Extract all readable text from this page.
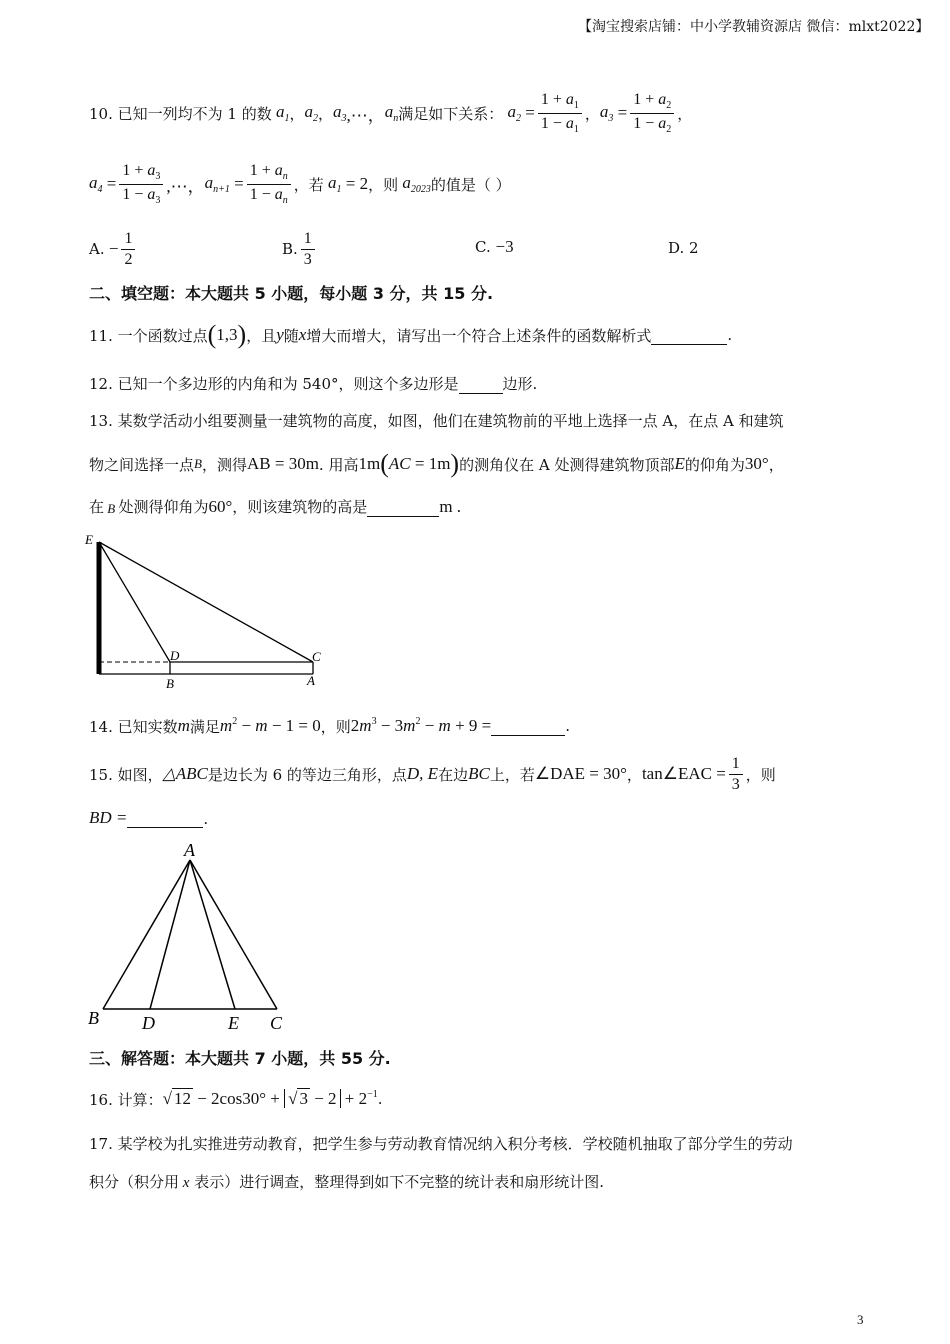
【淘宝搜索店铺：中小学教辅资源店 微信：mlxt2022】
10. 已知一列均不为 1 的数 $a_1$ ， $a_2$ ， $a_3$ ,⋯， $a_n$ 满足如下关系： $a_2 = \frac{1 + a_1}{1 - a_1}$ ， $a_3 = \frac{1 + a_2}{1 - a_2}$ ，
$a_4 = \frac{1 + a_3}{1 - a_3}$ ,⋯， $a_{n+1} = \frac{1 + a_n}{1 - a_n}$ ，若 $a_1 = 2$ ，则 $a_{2023}$ 的值是（ ）
A. − $\frac{1}{2}$	B. $\frac{1}{3}$	C. −3	D. 2
二、填空题：本大题共 5 小题，每小题 3 分，共 15 分.
11. 一个函数过点 ( 1,3 ) ，且 y 随 x 增大而增大，请写出一个符合上述条件的函数解析式
	.
12. 已知一个多边形的内角和为 540°，则这个多边形是
	边形.
13. 某数学活动小组要测量一建筑物的高度，如图，他们在建筑物前的平地上选择一点 A，在点 A 和建筑
物之间选择一点 B ，测得 AB = 30m . 用高 1m ( AC = 1m ) 的测角仪在 A 处测得建筑物顶部 E 的仰角为 30° ，
在 B 处测得仰角为 60° ，则该建筑物的高是
	m .
E
D	C
B	A
14. 已知实数 m 满足 $m^2 - m - 1 = 0$ ，则 $2m^3 - 3m^2 - m + 9$ =
	.
15. 如图， △ABC 是边长为 6 的等边三角形，点 D, E 在边 BC 上，若 ∠DAE = 30° ， tan∠EAC = $\frac{1}{3}$ ，则
BD =
	.
A
B D	E C
三、解答题：本大题共 7 小题，共 55 分.
16. 计算： √ 12 − 2cos30° + √ $3 - 2 + 2^{-1}$ .
17. 某学校为扎实推进劳动教育，把学生参与劳动教育情况纳入积分考核．学校随机抽取了部分学生的劳动
积分（积分用
x
表示）进行调查，整理得到如下不完整的统计表和扇形统计图.
3
